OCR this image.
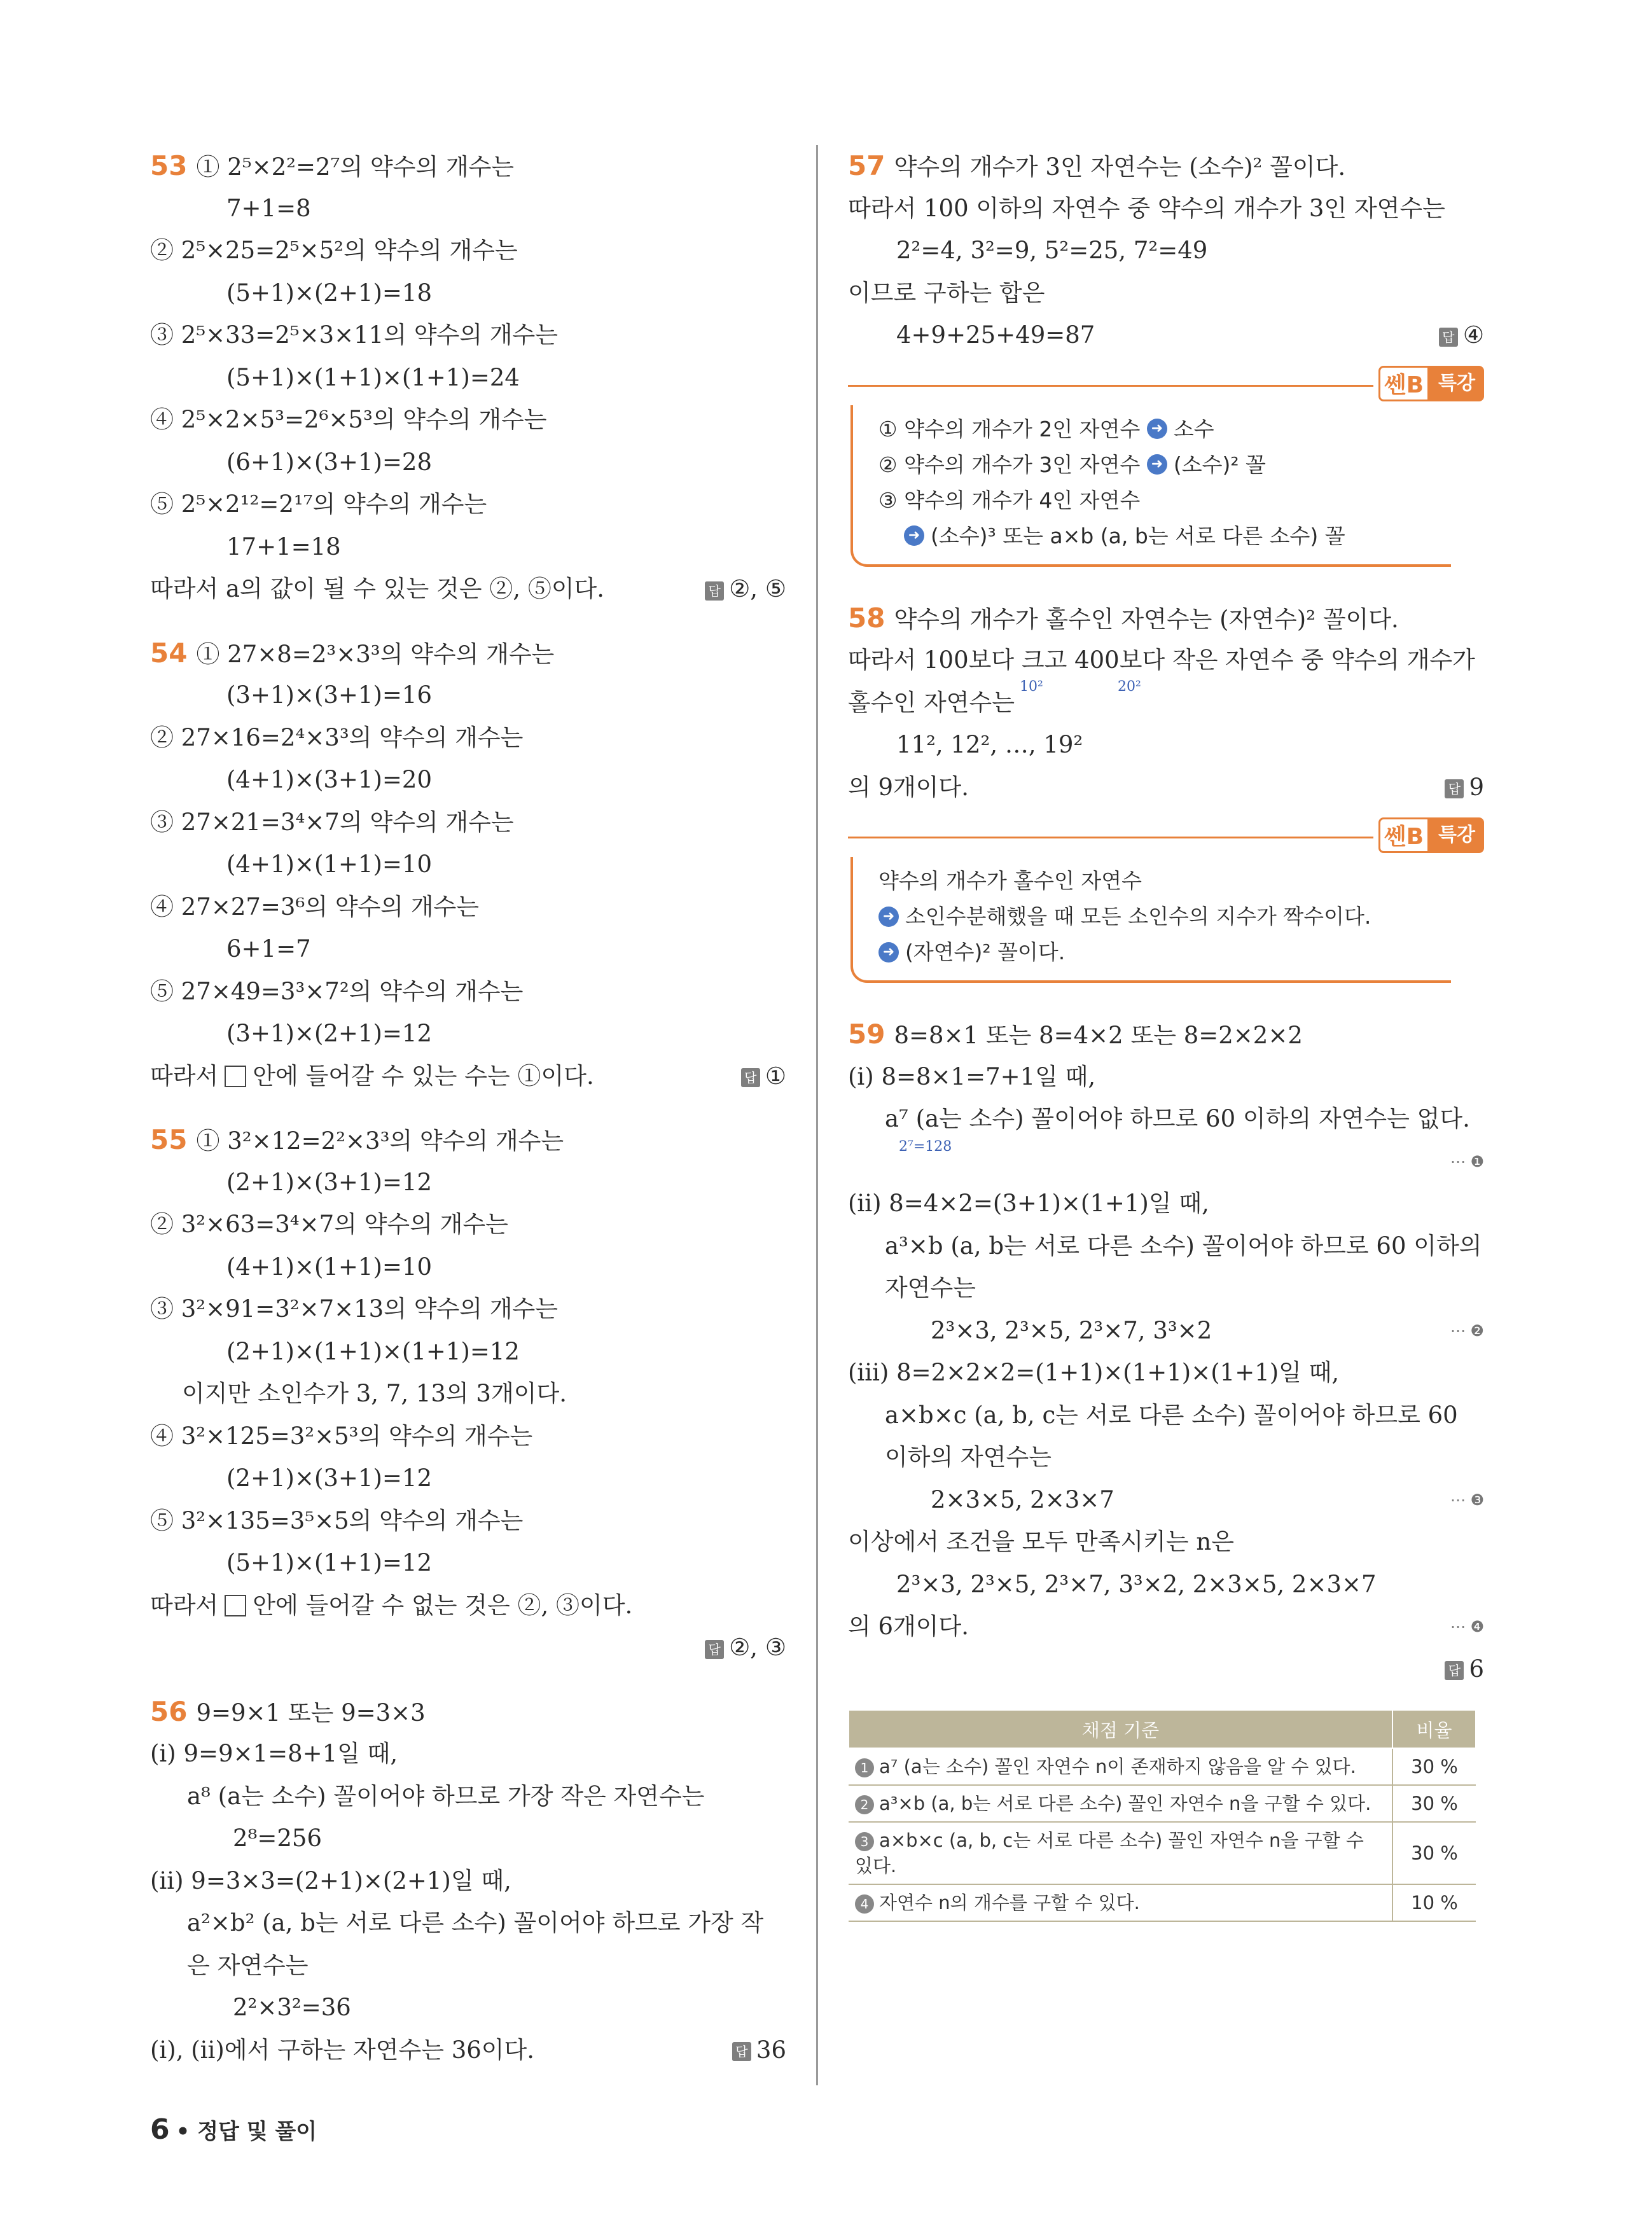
53 ① 2⁵×2²=2⁷의 약수의 개수는
7+1=8
② 2⁵×25=2⁵×5²의 약수의 개수는
(5+1)×(2+1)=18
③ 2⁵×33=2⁵×3×11의 약수의 개수는
(5+1)×(1+1)×(1+1)=24
④ 2⁵×2×5³=2⁶×5³의 약수의 개수는
(6+1)×(3+1)=28
⑤ 2⁵×2¹²=2¹⁷의 약수의 개수는
17+1=18
따라서 a의 값이 될 수 있는 것은 ②, ⑤이다.	답 ②, ⑤
54 ① 27×8=2³×3³의 약수의 개수는
(3+1)×(3+1)=16
② 27×16=2⁴×3³의 약수의 개수는
(4+1)×(3+1)=20
③ 27×21=3⁴×7의 약수의 개수는
(4+1)×(1+1)=10
④ 27×27=3⁶의 약수의 개수는
6+1=7
⑤ 27×49=3³×7²의 약수의 개수는
(3+1)×(2+1)=12
따라서 안에 들어갈 수 있는 수는 ①이다.	답 ①
55 ① 3²×12=2²×3³의 약수의 개수는
(2+1)×(3+1)=12
② 3²×63=3⁴×7의 약수의 개수는
(4+1)×(1+1)=10
③ 3²×91=3²×7×13의 약수의 개수는
(2+1)×(1+1)×(1+1)=12
이지만 소인수가 3, 7, 13의 3개이다.
④ 3²×125=3²×5³의 약수의 개수는
(2+1)×(3+1)=12
⑤ 3²×135=3⁵×5의 약수의 개수는
(5+1)×(1+1)=12
따라서 안에 들어갈 수 없는 것은 ②, ③이다.
답 ②, ③
56 9=9×1 또는 9=3×3
(i) 9=9×1=8+1일 때,
a⁸ (a는 소수) 꼴이어야 하므로 가장 작은 자연수는
2⁸=256
(ii) 9=3×3=(2+1)×(2+1)일 때,
a²×b² (a, b는 서로 다른 소수) 꼴이어야 하므로 가장 작
은 자연수는
2²×3²=36
(i), (ii)에서 구하는 자연수는 36이다.	답 36
57 약수의 개수가 3인 자연수는 (소수)² 꼴이다.
따라서 100 이하의 자연수 중 약수의 개수가 3인 자연수는
2²=4, 3²=9, 5²=25, 7²=49
이므로 구하는 합은
4+9+25+49=87	답 ④
쎈B 특강
① 약수의 개수가 2인 자연수 ➜ 소수
② 약수의 개수가 3인 자연수 ➜ (소수)² 꼴
③ 약수의 개수가 4인 자연수
➜ (소수)³ 또는 a×b (a, b는 서로 다른 소수) 꼴
58 약수의 개수가 홀수인 자연수는 (자연수)² 꼴이다.
따라서 100보다 크고 400보다 작은 자연수 중 약수의 개수가
10²	20²
홀수인 자연수는
11², 12², …, 19²
의 9개이다.	답 9
쎈B 특강
약수의 개수가 홀수인 자연수
➜ 소인수분해했을 때 모든 소인수의 지수가 짝수이다.
➜ (자연수)² 꼴이다.
59 8=8×1 또는 8=4×2 또는 8=2×2×2
(i) 8=8×1=7+1일 때,
a⁷ (a는 소수) 꼴이어야 하므로 60 이하의 자연수는 없다.
2⁷=128
⋯ ❶
(ii) 8=4×2=(3+1)×(1+1)일 때,
a³×b (a, b는 서로 다른 소수) 꼴이어야 하므로 60 이하의
자연수는
2³×3, 2³×5, 2³×7, 3³×2	⋯ ❷
(iii) 8=2×2×2=(1+1)×(1+1)×(1+1)일 때,
a×b×c (a, b, c는 서로 다른 소수) 꼴이어야 하므로 60
이하의 자연수는
2×3×5, 2×3×7	⋯ ❸
이상에서 조건을 모두 만족시키는 n은
2³×3, 2³×5, 2³×7, 3³×2, 2×3×5, 2×3×7
의 6개이다.	⋯ ❹
답 6
채점 기준	비율
1 a⁷ (a는 소수) 꼴인 자연수 n이 존재하지 않음을 알 수 있다.	30 %
2 a³×b (a, b는 서로 다른 소수) 꼴인 자연수 n을 구할 수 있다.	30 %
3 a×b×c (a, b, c는 서로 다른 소수) 꼴인 자연수 n을 구할 수 있다.	30 %
4 자연수 n의 개수를 구할 수 있다.	10 %
6 • 정답 및 풀이
